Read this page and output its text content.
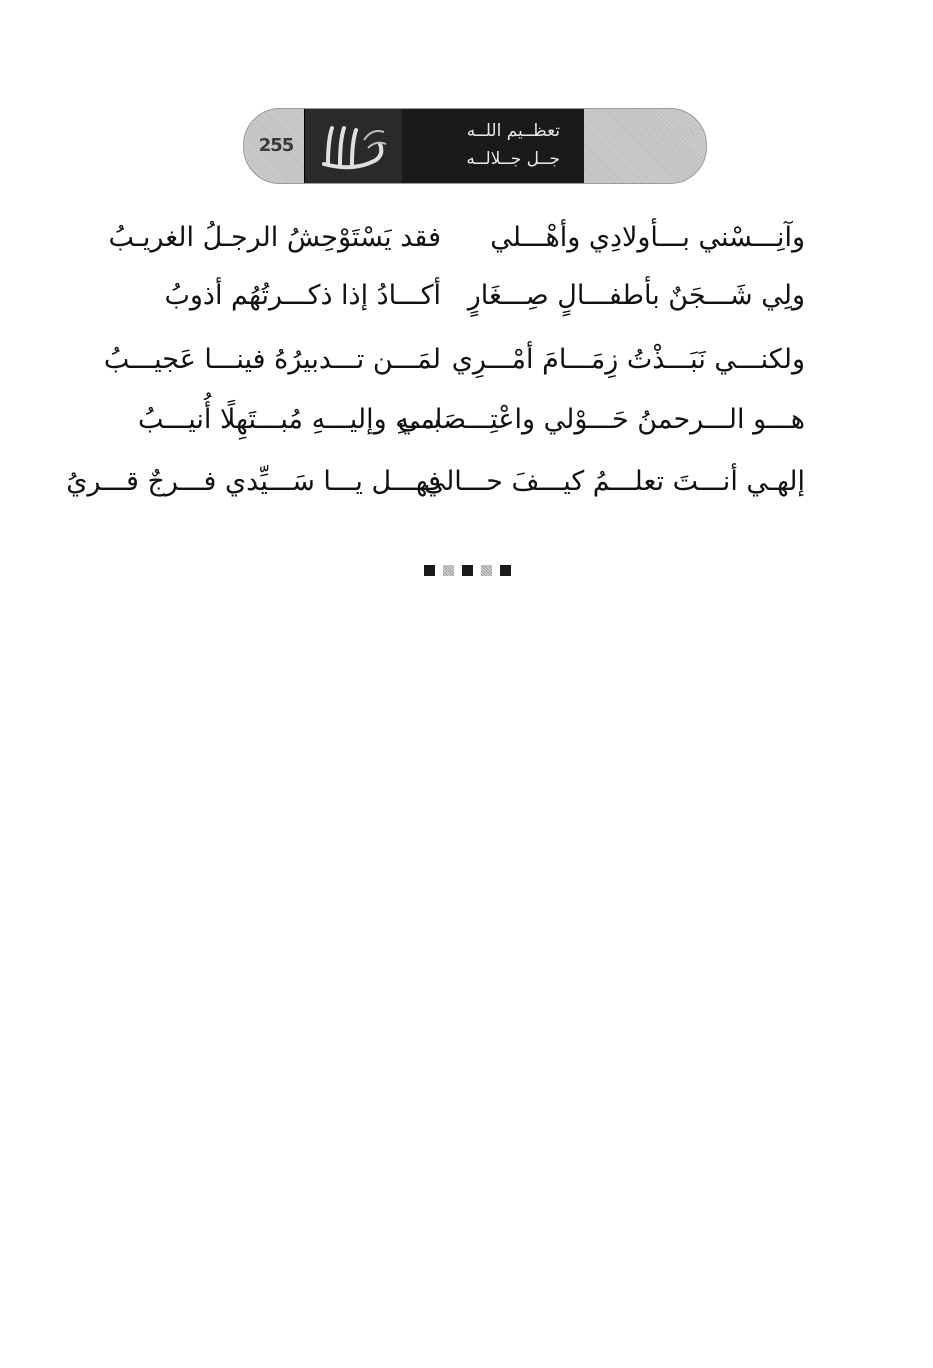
255
تعظــيم اللــه
جــل جــلالــه
تعظيم الله جل جلاله
وآنِـــسْني بـــأولادِي وأهْـــلي
فقد يَسْتَوْحِشُ الرجـلُ الغريـبُ
ولِي شَـــجَنٌ بأطفـــالٍ صِـــغَارٍ
أكـــادُ إذا ذكـــرتُهُم أذوبُ
ولكنـــي نَبَـــذْتُ زِمَـــامَ أمْـــرِي
لمَـــن تـــدبيرُهُ فينـــا عَجيـــبُ
هـــو الـــرحمنُ حَـــوْلي واعْتِـــصَامي
بـــهِ وإليـــهِ مُبـــتَهِلًا أُنيـــبُ
إلهـي أنـــتَ تعلـــمُ كيـــفَ حـــالي
فهـــل يـــا سَـــيِّدي فـــرجٌ قـــريُ
